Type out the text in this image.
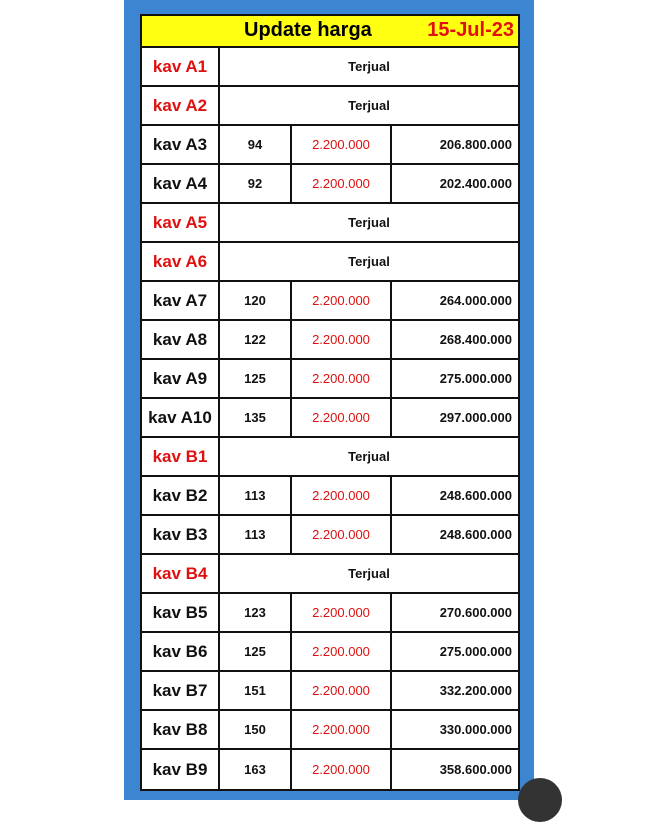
Update harga	15-Jul-23
kav A1	Terjual
kav A2	Terjual
kav A3	94	2.200.000	206.800.000
kav A4	92	2.200.000	202.400.000
kav A5	Terjual
kav A6	Terjual
kav A7	120	2.200.000	264.000.000
kav A8	122	2.200.000	268.400.000
kav A9	125	2.200.000	275.000.000
kav A10	135	2.200.000	297.000.000
kav B1	Terjual
kav B2	113	2.200.000	248.600.000
kav B3	113	2.200.000	248.600.000
kav B4	Terjual
kav B5	123	2.200.000	270.600.000
kav B6	125	2.200.000	275.000.000
kav B7	151	2.200.000	332.200.000
kav B8	150	2.200.000	330.000.000
kav B9	163	2.200.000	358.600.000
